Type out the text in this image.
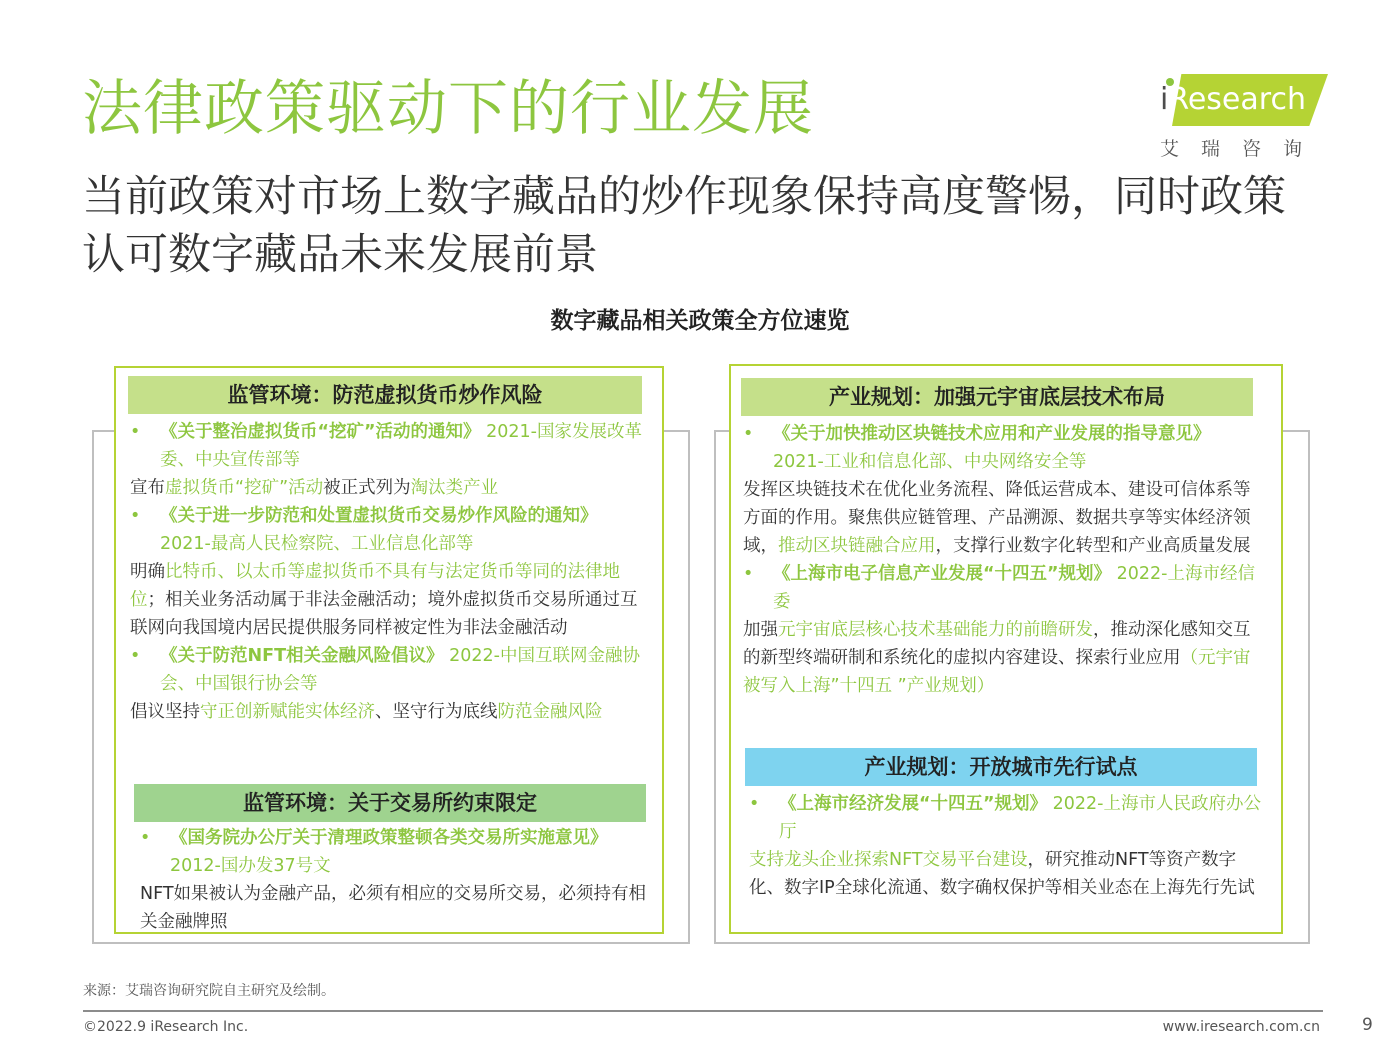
法律政策驱动下的行业发展
当前政策对市场上数字藏品的炒作现象保持高度警惕，同时政策认可数字藏品未来发展前景
iResearch
艾瑞咨询
数字藏品相关政策全方位速览
监管环境：防范虚拟货币炒作风险
• 《关于整治虚拟货币“挖矿”活动的通知》 2021-国家发展改革委、中央宣传部等
宣布虚拟货币“挖矿”活动被正式列为淘汰类产业
• 《关于进一步防范和处置虚拟货币交易炒作风险的通知》 2021-最高人民检察院、工业信息化部等
明确比特币、以太币等虚拟货币不具有与法定货币等同的法律地位；相关业务活动属于非法金融活动；境外虚拟货币交易所通过互联网向我国境内居民提供服务同样被定性为非法金融活动
• 《关于防范NFT相关金融风险倡议》 2022-中国互联网金融协会、中国银行协会等
倡议坚持守正创新赋能实体经济、坚守行为底线防范金融风险
监管环境：关于交易所约束限定
• 《国务院办公厅关于清理政策整顿各类交易所实施意见》 2012-国办发37号文
NFT如果被认为金融产品，必须有相应的交易所交易，必须持有相关金融牌照
产业规划：加强元宇宙底层技术布局
• 《关于加快推动区块链技术应用和产业发展的指导意见》 2021-工业和信息化部、中央网络安全等
发挥区块链技术在优化业务流程、降低运营成本、建设可信体系等方面的作用。聚焦供应链管理、产品溯源、数据共享等实体经济领域，推动区块链融合应用，支撑行业数字化转型和产业高质量发展
• 《上海市电子信息产业发展“十四五”规划》 2022-上海市经信委
加强元宇宙底层核心技术基础能力的前瞻研发，推动深化感知交互的新型终端研制和系统化的虚拟内容建设、探索行业应用（元宇宙被写入上海”十四五 ”产业规划）
产业规划：开放城市先行试点
• 《上海市经济发展“十四五”规划》 2022-上海市人民政府办公厅
支持龙头企业探索NFT交易平台建设，研究推动NFT等资产数字化、数字IP全球化流通、数字确权保护等相关业态在上海先行先试
来源：艾瑞咨询研究院自主研究及绘制。
©2022.9 iResearch Inc.	www.iresearch.com.cn 9
